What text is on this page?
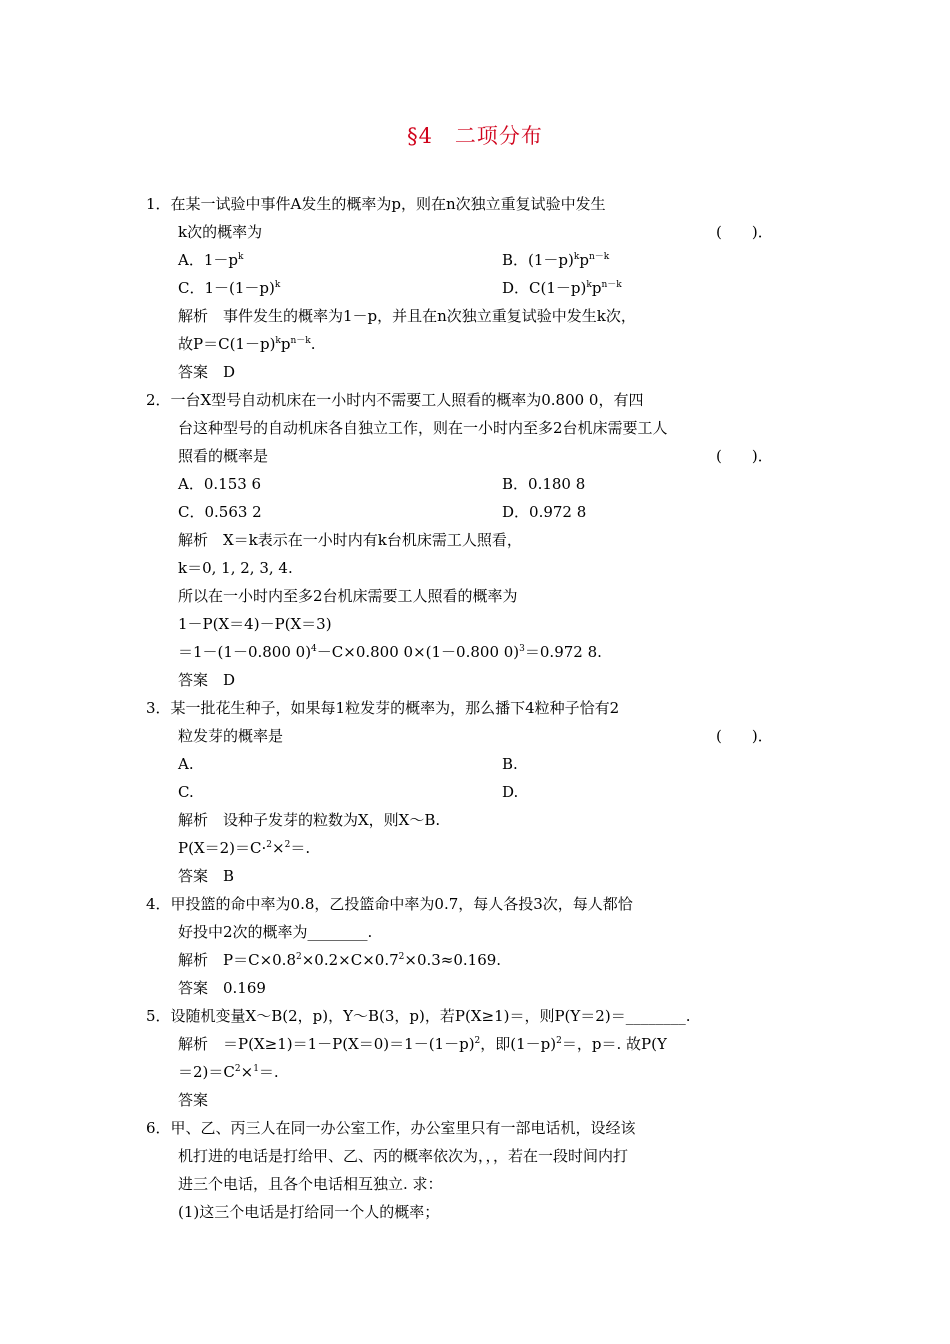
§4　二项分布
1．在某一试验中事件A发生的概率为p，则在n次独立重复试验中发生
k次的概率为	(　　)．
A．$1-p^k$	B．$(1-p)^kp^{n-k}$
C．$1-(1-p)^k$	D．$C(1-p)^kp^{n-k}$
解析　事件发生的概率为1－p，并且在n次独立重复试验中发生k次，
故$P=C(1-p)^kp^{n-k}$.
答案　D
2．一台X型号自动机床在一小时内不需要工人照看的概率为0.800 0，有四
台这种型号的自动机床各自独立工作，则在一小时内至多2台机床需要工人
照看的概率是	(　　)．
A．0.153 6	B．0.180 8
C．0.563 2	D．0.972 8
解析　X＝k表示在一小时内有k台机床需工人照看，
k＝0, 1, 2, 3, 4.
所以在一小时内至多2台机床需要工人照看的概率为
1－P(X＝4)－P(X＝3)
＝1－(1－0.800 0)$^4$－C×0.800 0×(1－0.800 0)$^3$＝0.972 8.
答案　D
3．某一批花生种子，如果每1粒发芽的概率为，那么播下4粒种子恰有2
粒发芽的概率是	(　　)．
A.	B.
C.	D.
解析　设种子发芽的粒数为X，则X～B.
P(X＝2)＝C·$^2$×$^2$＝.
答案　B
4．甲投篮的命中率为0.8，乙投篮命中率为0.7，每人各投3次，每人都恰
好投中2次的概率为________.
解析　$P=C\times 0.8^2\times 0.2\times C\times 0.7^2\times 0.3\approx 0.169$.
答案　0.169
5．设随机变量X～B(2，p)，Y～B(3，p)，若P(X≥1)＝，则P(Y＝2)＝________.
解析　$=P(X\ge 1)=1-P(X=0)=1-(1-p)^2$，即$(1-p)^2=$，p＝. 故P(Y
$=2)=C^2\times^1=$.
答案
6．甲、乙、丙三人在同一办公室工作，办公室里只有一部电话机，设经该
机打进的电话是打给甲、乙、丙的概率依次为，，，若在一段时间内打
进三个电话，且各个电话相互独立. 求：
(1)这三个电话是打给同一个人的概率；
